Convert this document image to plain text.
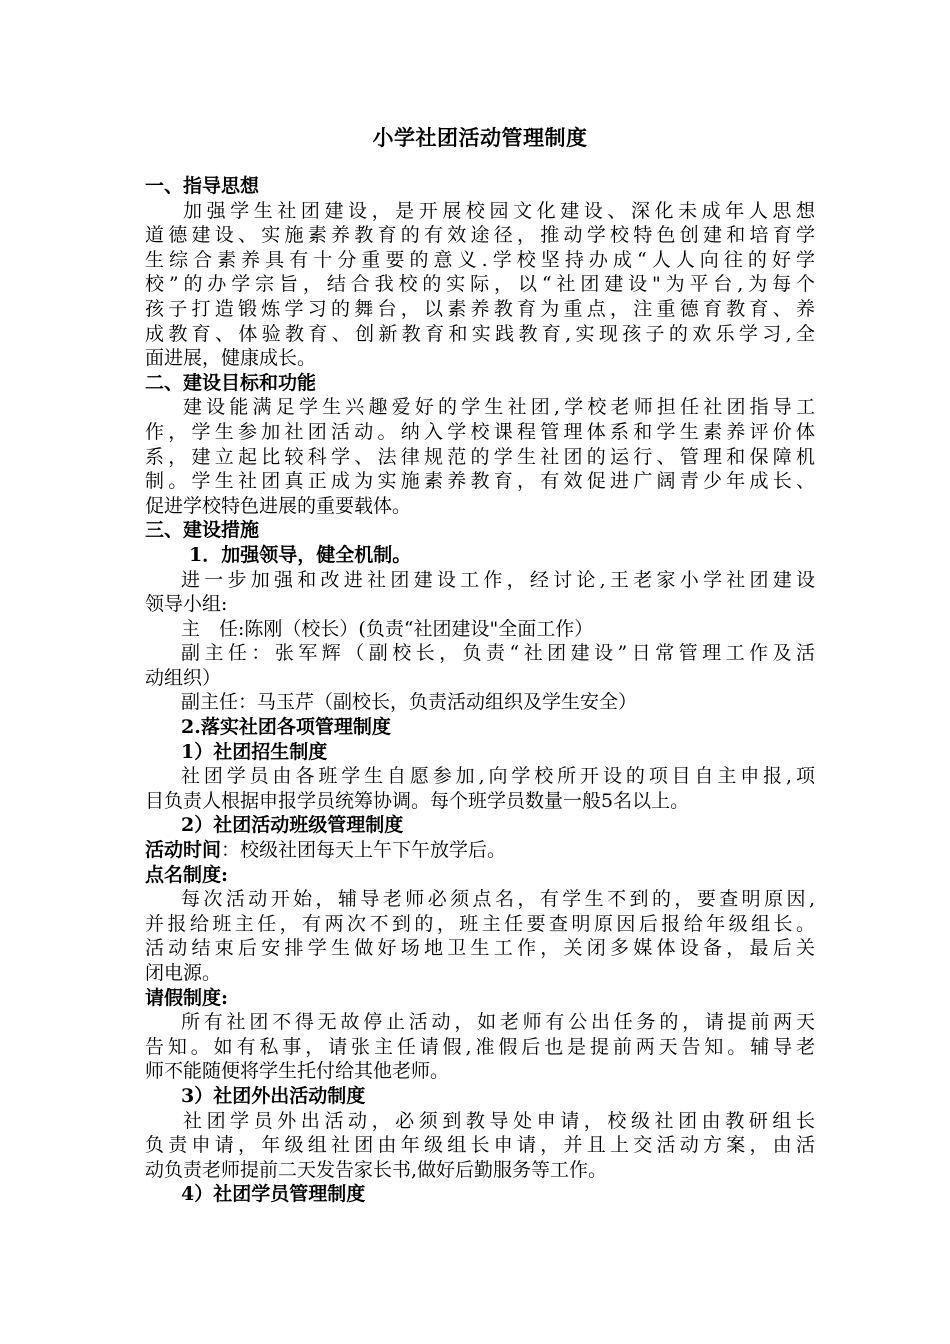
小学社团活动管理制度
一、指导思想
加强学生社团建设，是开展校园文化建设、深化未成年人思想
道德建设、实施素养教育的有效途径，推动学校特色创建和培育学
生综合素养具有十分重要的意义.学校坚持办成“人人向往的好学
校”的办学宗旨，结合我校的实际，以“社团建设"为平台,为每个
孩子打造锻炼学习的舞台，以素养教育为重点，注重德育教育、养
成教育、体验教育、创新教育和实践教育,实现孩子的欢乐学习,全
面进展，健康成长。
二、建设目标和功能
建设能满足学生兴趣爱好的学生社团,学校老师担任社团指导工
作，学生参加社团活动。纳入学校课程管理体系和学生素养评价体
系，建立起比较科学、法律规范的学生社团的运行、管理和保障机
制。学生社团真正成为实施素养教育，有效促进广阔青少年成长、
促进学校特色进展的重要载体。
三、建设措施
1．加强领导，健全机制。
进一步加强和改进社团建设工作，经讨论,王老家小学社团建设
领导小组:
主　任:陈刚（校长）(负责“社团建设"全面工作）
副主任：张军辉（副校长，负责“社团建设”日常管理工作及活
动组织）
副主任：马玉芹（副校长，负责活动组织及学生安全）
2.落实社团各项管理制度
1）社团招生制度
社团学员由各班学生自愿参加,向学校所开设的项目自主申报,项
目负责人根据申报学员统筹协调。每个班学员数量一般5名以上。
2）社团活动班级管理制度
活动时间：校级社团每天上午下午放学后。
点名制度:
每次活动开始，辅导老师必须点名，有学生不到的，要查明原因,
并报给班主任，有两次不到的，班主任要查明原因后报给年级组长。
活动结束后安排学生做好场地卫生工作，关闭多媒体设备，最后关
闭电源。
请假制度:
所有社团不得无故停止活动，如老师有公出任务的，请提前两天
告知。如有私事，请张主任请假,准假后也是提前两天告知。辅导老
师不能随便将学生托付给其他老师。
3）社团外出活动制度
社团学员外出活动，必须到教导处申请，校级社团由教研组长
负责申请，年级组社团由年级组长申请，并且上交活动方案，由活
动负责老师提前二天发告家长书,做好后勤服务等工作。
4）社团学员管理制度
